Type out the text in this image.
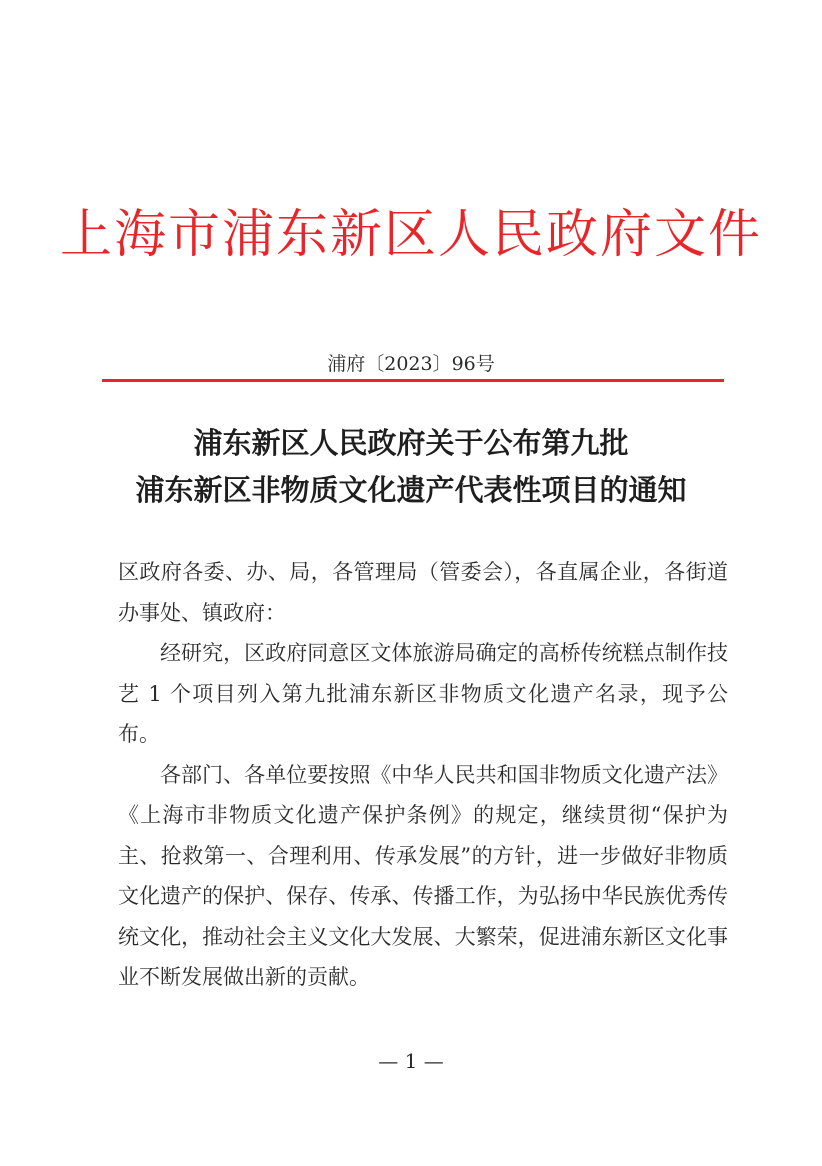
上海市浦东新区人民政府文件
浦府〔2023〕96号
浦东新区人民政府关于公布第九批
浦东新区非物质文化遗产代表性项目的通知

区政府各委、办、局，各管理局（管委会），各直属企业，各街道办事处、镇政府：

经研究，区政府同意区文体旅游局确定的高桥传统糕点制作技艺 1 个项目列入第九批浦东新区非物质文化遗产名录，现予公布。

各部门、各单位要按照《中华人民共和国非物质文化遗产法》《上海市非物质文化遗产保护条例》的规定，继续贯彻“保护为主、抢救第一、合理利用、传承发展”的方针，进一步做好非物质文化遗产的保护、保存、传承、传播工作，为弘扬中华民族优秀传统文化，推动社会主义文化大发展、大繁荣，促进浦东新区文化事业不断发展做出新的贡献。

— 1 —
